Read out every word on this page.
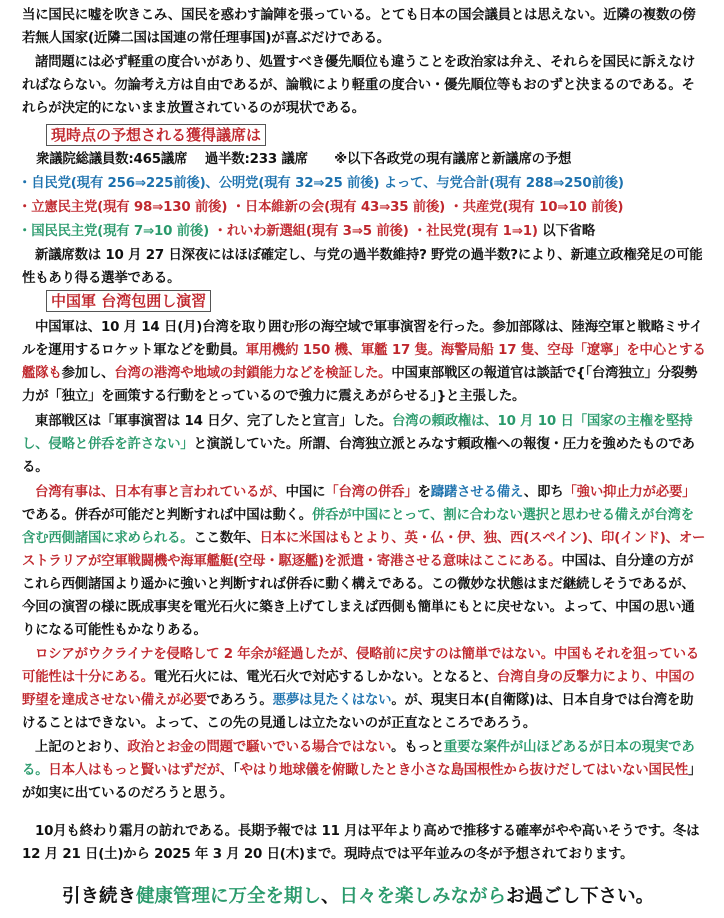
当に国民に嘘を吹きこみ、国民を惑わす論陣を張っている。とても日本の国会議員とは思えない。近隣の複数の傍若無人国家(近隣二国は国連の常任理事国)が喜ぶだけである。

諸問題には必ず軽重の度合いがあり、処置すべき優先順位も違うことを政治家は弁え、それらを国民に訴えなければならない。勿論考え方は自由であるが、論戦により軽重の度合い・優先順位等もおのずと決まるのである。それらが決定的にないまま放置されているのが現状である。

現時点の予想される獲得議席は

衆議院総議員数:465議席　 過半数:233 議席　　※以下各政党の現有議席と新議席の予想

・自民党(現有 256⇒225前後)、公明党(現有 32⇒25 前後) よって、与党合計(現有 288⇒250前後)

・立憲民主党(現有 98⇒130 前後) ・日本維新の会(現有 43⇒35 前後) ・共産党(現有 10⇒10 前後)

・国民民主党(現有 7⇒10 前後) ・れいわ新選組(現有 3⇒5 前後) ・社民党(現有 1⇒1) 以下省略

新議席数は 10 月 27 日深夜にはほぼ確定し、与党の過半数維持? 野党の過半数?により、新連立政権発足の可能性もあり得る選挙である。

中国軍 台湾包囲し演習

中国軍は、10 月 14 日(月)台湾を取り囲む形の海空域で軍事演習を行った。参加部隊は、陸海空軍と戦略ミサイルを運用するロケット軍などを動員。軍用機約 150 機、軍艦 17 隻。海警局船 17 隻、空母「遼寧」を中心とする艦隊も参加し、台湾の港湾や地域の封鎖能力などを検証した。中国東部戦区の報道官は談話で{「台湾独立」分裂勢力が「独立」を画策する行動をとっているので強力に震えあがらせる」}と主張した。

東部戦区は「軍事演習は 14 日夕、完了したと宣言」した。台湾の頼政権は、10 月 10 日「国家の主権を堅持し、侵略と併呑を許さない」と演説していた。所謂、台湾独立派とみなす頼政権への報復・圧力を強めたものである。

台湾有事は、日本有事と言われているが、中国に「台湾の併呑」を躊躇させる備え、即ち「強い抑止力が必要」である。併呑が可能だと判断すれば中国は動く。併呑が中国にとって、割に合わない選択と思わせる備えが台湾を含む西側諸国に求められる。ここ数年、日本に米国はもとより、英・仏・伊、独、西(スペイン)、印(インド)、オーストラリアが空軍戦闘機や海軍艦艇(空母・駆逐艦)を派遣・寄港させる意味はここにある。中国は、自分達の方がこれら西側諸国より遥かに強いと判断すれば併呑に動く構えである。この微妙な状態はまだ継続しそうであるが、今回の演習の様に既成事実を電光石火に築き上げてしまえば西側も簡単にもとに戻せない。よって、中国の思い通りになる可能性もかなりある。

ロシアがウクライナを侵略して 2 年余が経過したが、侵略前に戻すのは簡単ではない。中国もそれを狙っている可能性は十分にある。電光石火には、電光石火で対応するしかない。となると、台湾自身の反撃力により、中国の野望を達成させない備えが必要であろう。悪夢は見たくはない。が、現実日本(自衛隊)は、日本自身では台湾を助けることはできない。よって、この先の見通しは立たないのが正直なところであろう。

上記のとおり、政治とお金の問題で騒いでいる場合ではない。もっと重要な案件が山ほどあるが日本の現実である。日本人はもっと賢いはずだが、「やはり地球儀を俯瞰したとき小さな島国根性から抜けだしてはいない国民性」が如実に出ているのだろうと思う。

10月も終わり霜月の訪れである。長期予報では 11 月は平年より高めで推移する確率がやや高いそうです。冬は 12 月 21 日(土)から 2025 年 3 月 20 日(木)まで。現時点では平年並みの冬が予想されております。

引き続き健康管理に万全を期し、日々を楽しみながらお過ごし下さい。
